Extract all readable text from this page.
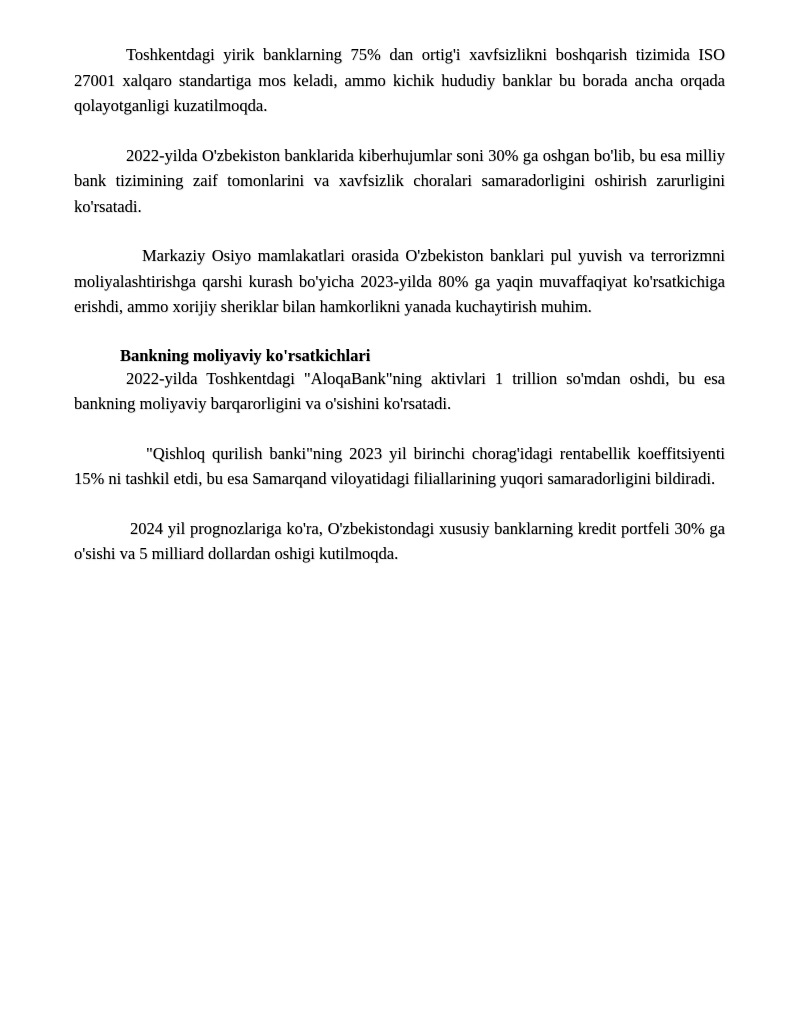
Toshkentdagi yirik banklarning 75% dan ortig'i xavfsizlikni boshqarish tizimida ISO 27001 xalqaro standartiga mos keladi, ammo kichik hududiy banklar bu borada ancha orqada qolayotganligi kuzatilmoqda.

2022-yilda O'zbekiston banklarida kiberhujumlar soni 30% ga oshgan bo'lib, bu esa milliy bank tizimining zaif tomonlarini va xavfsizlik choralari samaradorligini oshirish zarurligini ko'rsatadi.

Markaziy Osiyo mamlakatlari orasida O'zbekiston banklari pul yuvish va terrorizmni moliyalashtirishga qarshi kurash bo'yicha 2023-yilda 80% ga yaqin muvaffaqiyat ko'rsatkichiga erishdi, ammo xorijiy sheriklar bilan hamkorlikni yanada kuchaytirish muhim.

Bankning moliyaviy ko'rsatkichlari

2022-yilda Toshkentdagi "AloqaBank"ning aktivlari 1 trillion so'mdan oshdi, bu esa bankning moliyaviy barqarorligini va o'sishini ko'rsatadi.

"Qishloq qurilish banki"ning 2023 yil birinchi chorag'idagi rentabellik koeffitsiyenti 15% ni tashkil etdi, bu esa Samarqand viloyatidagi filiallarining yuqori samaradorligini bildiradi.

2024 yil prognozlariga ko'ra, O'zbekistondagi xususiy banklarning kredit portfeli 30% ga o'sishi va 5 milliard dollardan oshigi kutilmoqda.
